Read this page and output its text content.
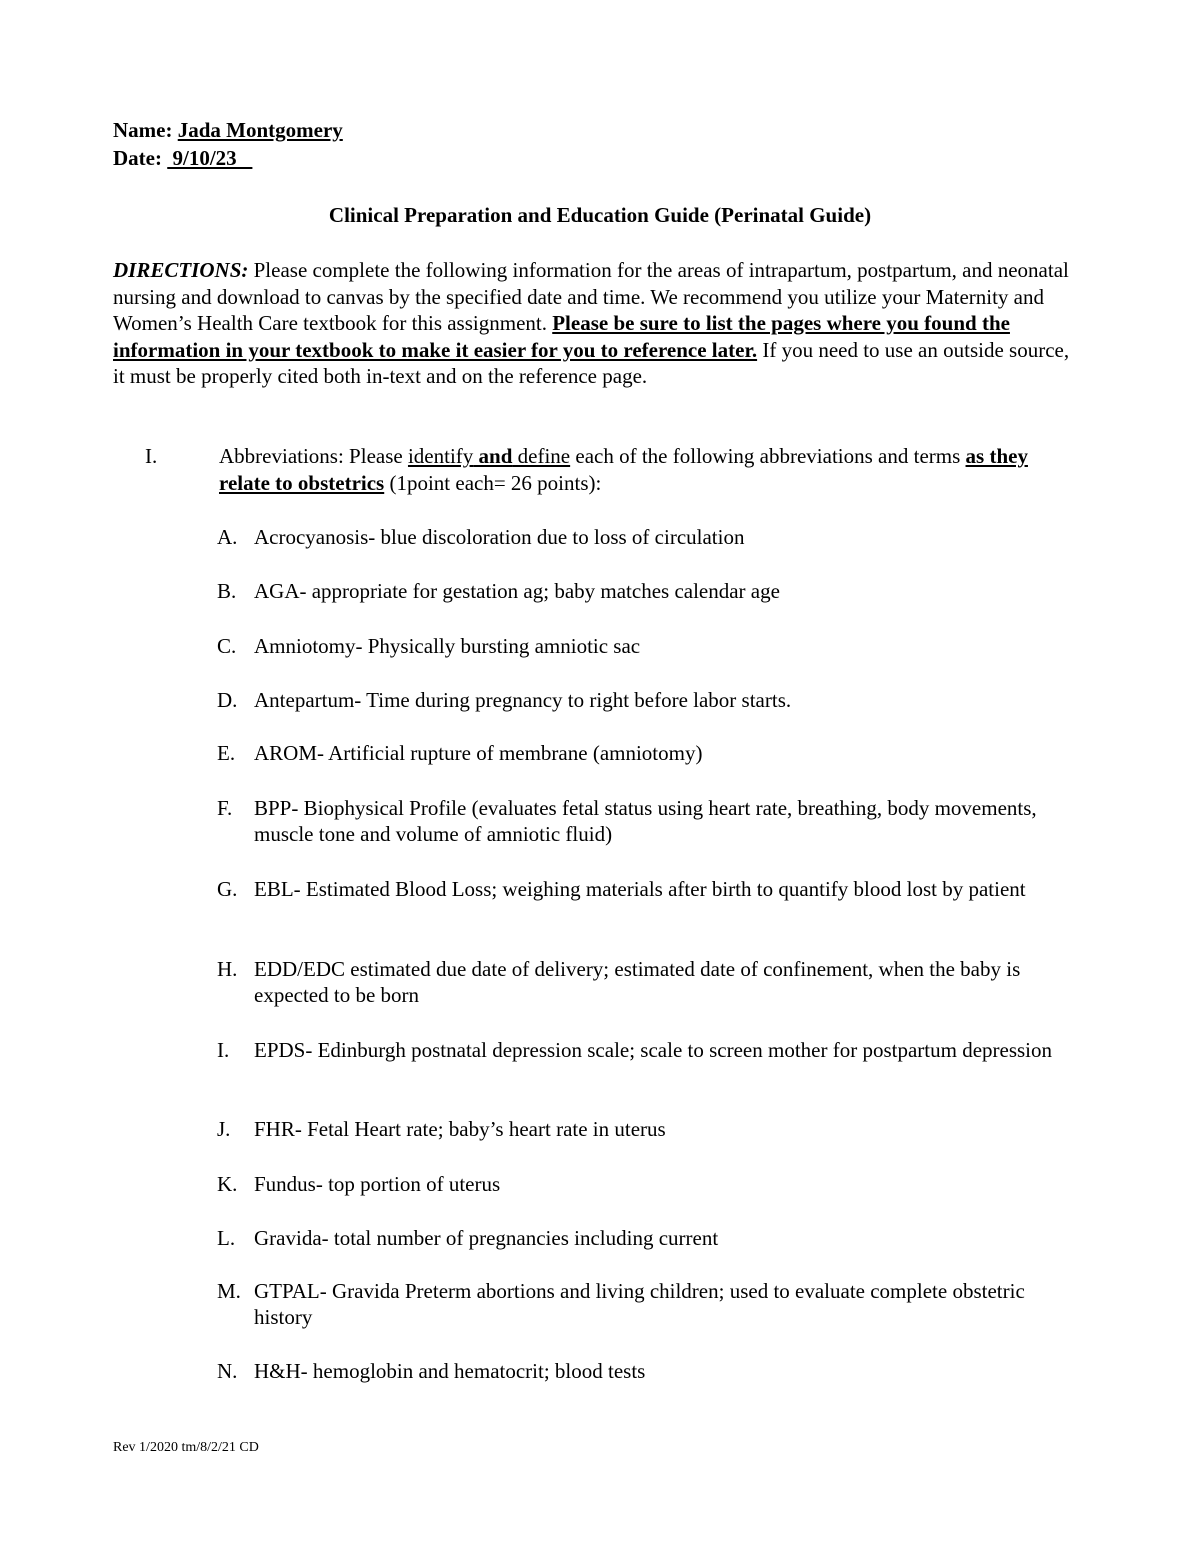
Name: Jada Montgomery
Date:  9/10/23
Clinical Preparation and Education Guide (Perinatal Guide)
DIRECTIONS: Please complete the following information for the areas of intrapartum, postpartum, and neonatal nursing and download to canvas by the specified date and time. We recommend you utilize your Maternity and Women’s Health Care textbook for this assignment. Please be sure to list the pages where you found the information in your textbook to make it easier for you to reference later. If you need to use an outside source, it must be properly cited both in-text and on the reference page.
I.	Abbreviations: Please identify and define each of the following abbreviations and terms as they relate to obstetrics (1point each= 26 points):
A. Acrocyanosis- blue discoloration due to loss of circulation
B. AGA- appropriate for gestation ag; baby matches calendar age
C. Amniotomy- Physically bursting amniotic sac
D. Antepartum- Time during pregnancy to right before labor starts.
E. AROM- Artificial rupture of membrane (amniotomy)
F. BPP- Biophysical Profile (evaluates fetal status using heart rate, breathing, body movements, muscle tone and volume of amniotic fluid)
G. EBL- Estimated Blood Loss; weighing materials after birth to quantify blood lost by patient
H. EDD/EDC estimated due date of delivery; estimated date of confinement, when the baby is expected to be born
I. EPDS- Edinburgh postnatal depression scale; scale to screen mother for postpartum depression
J. FHR- Fetal Heart rate; baby’s heart rate in uterus
K. Fundus- top portion of uterus
L. Gravida- total number of pregnancies including current
M. GTPAL- Gravida Preterm abortions and living children; used to evaluate complete obstetric history
N. H&H- hemoglobin and hematocrit; blood tests
Rev 1/2020 tm/8/2/21 CD
